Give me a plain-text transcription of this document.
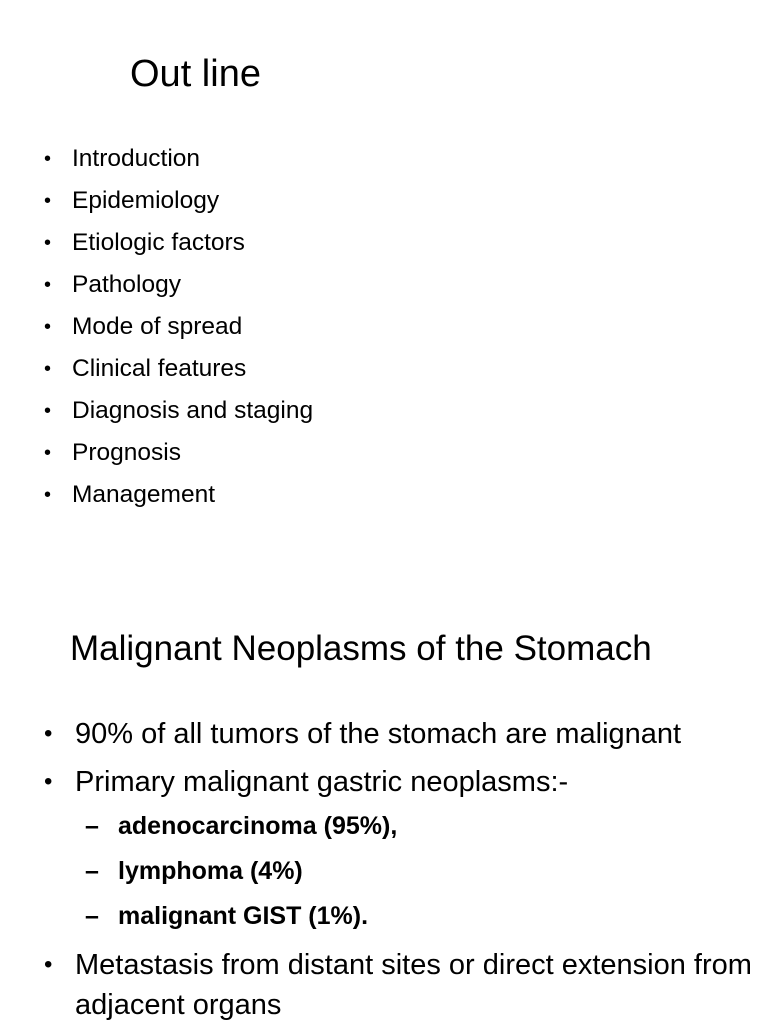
Out line
• Introduction
• Epidemiology
• Etiologic factors
• Pathology
• Mode of spread
• Clinical features
• Diagnosis and staging
• Prognosis
• Management
Malignant Neoplasms of the Stomach
• 90% of all tumors of the stomach are malignant
• Primary malignant gastric neoplasms:-
– adenocarcinoma (95%),
– lymphoma (4%)
– malignant GIST (1%).
• Metastasis from distant sites or direct extension from adjacent organs
